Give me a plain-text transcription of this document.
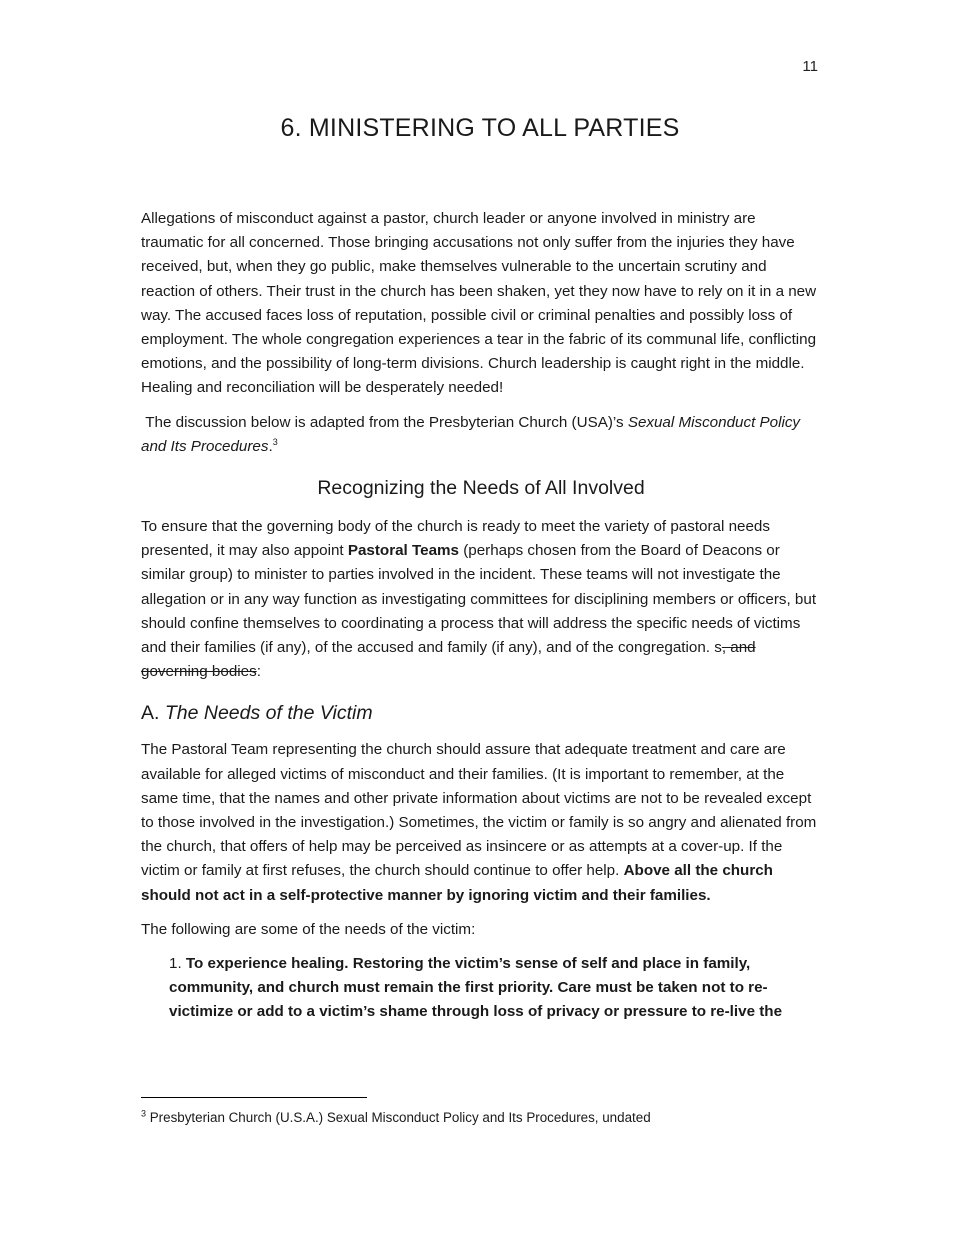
11
6. MINISTERING TO ALL PARTIES

Allegations of misconduct against a pastor, church leader or anyone involved in ministry are traumatic for all concerned. Those bringing accusations not only suffer from the injuries they have received, but, when they go public, make themselves vulnerable to the uncertain scrutiny and reaction of others. Their trust in the church has been shaken, yet they now have to rely on it in a new way. The accused faces loss of reputation, possible civil or criminal penalties and possibly loss of employment. The whole congregation experiences a tear in the fabric of its communal life, conflicting emotions, and the possibility of long-term divisions. Church leadership is caught right in the middle. Healing and reconciliation will be desperately needed!

The discussion below is adapted from the Presbyterian Church (USA)’s Sexual Misconduct Policy and Its Procedures.$^3$

Recognizing the Needs of All Involved

To ensure that the governing body of the church is ready to meet the variety of pastoral needs presented, it may also appoint Pastoral Teams (perhaps chosen from the Board of Deacons or similar group) to minister to parties involved in the incident. These teams will not investigate the allegation or in any way function as investigating committees for disciplining members or officers, but should confine themselves to coordinating a process that will address the specific needs of victims and their families (if any), of the accused and family (if any), and of the congregation. s, and governing bodies:

A. The Needs of the Victim

The Pastoral Team representing the church should assure that adequate treatment and care are available for alleged victims of misconduct and their families. (It is important to remember, at the same time, that the names and other private information about victims are not to be revealed except to those involved in the investigation.) Sometimes, the victim or family is so angry and alienated from the church, that offers of help may be perceived as insincere or as attempts at a cover-up. If the victim or family at first refuses, the church should continue to offer help. Above all the church should not act in a self-protective manner by ignoring victim and their families.

The following are some of the needs of the victim:

1. To experience healing. Restoring the victim’s sense of self and place in family, community, and church must remain the first priority. Care must be taken not to re-victimize or add to a victim’s shame through loss of privacy or pressure to re-live the

$^3$ Presbyterian Church (U.S.A.) Sexual Misconduct Policy and Its Procedures, undated
